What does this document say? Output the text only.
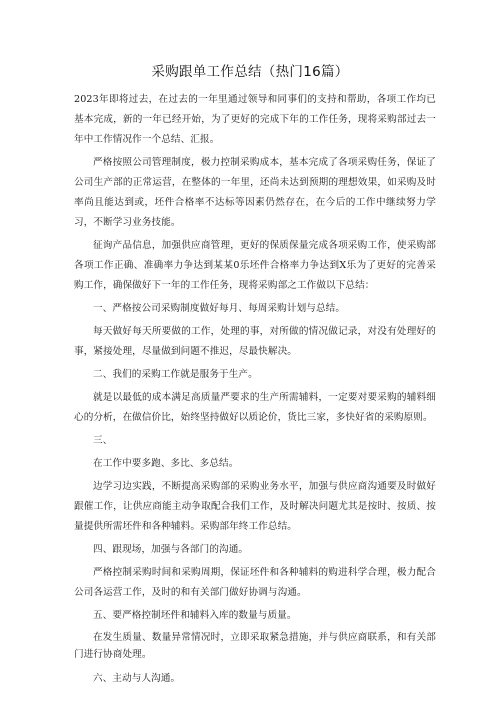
采购跟单工作总结（热门16篇）

2023年即将过去，在过去的一年里通过领导和同事们的支持和帮助，各项工作均已基本完成，新的一年已经开始，为了更好的完成下年的工作任务，现将采购部过去一年中工作情况作一个总结、汇报。

严格按照公司管理制度，极力控制采购成本，基本完成了各项采购任务，保证了公司生产部的正常运营，在整体的一年里，还尚未达到预期的理想效果，如采购及时率尚且能达到或，坯件合格率不达标等因素仍然存在，在今后的工作中继续努力学习，不断学习业务技能。

征询产品信息，加强供应商管理，更好的保质保量完成各项采购工作，使采购部各项工作正确、准确率力争达到某某0乐坯件合格率力争达到X乐为了更好的完善采购工作，确保做好下一年的工作任务，现将采购部之工作做以下总结：

一、严格按公司采购制度做好每月、每周采购计划与总结。

每天做好每天所要做的工作，处理的事，对所做的情况做记录，对没有处理好的事，紧接处理，尽量做到问题不推迟，尽最快解决。

二、我们的采购工作就是服务于生产。

就是以最低的成本满足高质量严要求的生产所需辅料，一定要对要采购的辅料细心的分析，在做信价比，始终坚持做好以质论价，货比三家，多快好省的采购原则。

三、

在工作中要多跑、多比、多总结。

边学习边实践，不断提高采购部的采购业务水平，加强与供应商沟通要及时做好跟催工作，让供应商能主动争取配合我们工作，及时解决问题尤其是按时、按质、按量提供所需坯件和各种辅料。采购部年终工作总结。

四、跟现场，加强与各部门的沟通。

严格控制采购时间和采购周期，保证坯件和各种辅料的购进科学合理，极力配合公司各运营工作，及时的和有关部门做好协调与沟通。

五、要严格控制坯件和辅料入库的数量与质量。

在发生质量、数量异常情况时，立即采取紧急措施，并与供应商联系，和有关部门进行协商处理。

六、主动与人沟通。
